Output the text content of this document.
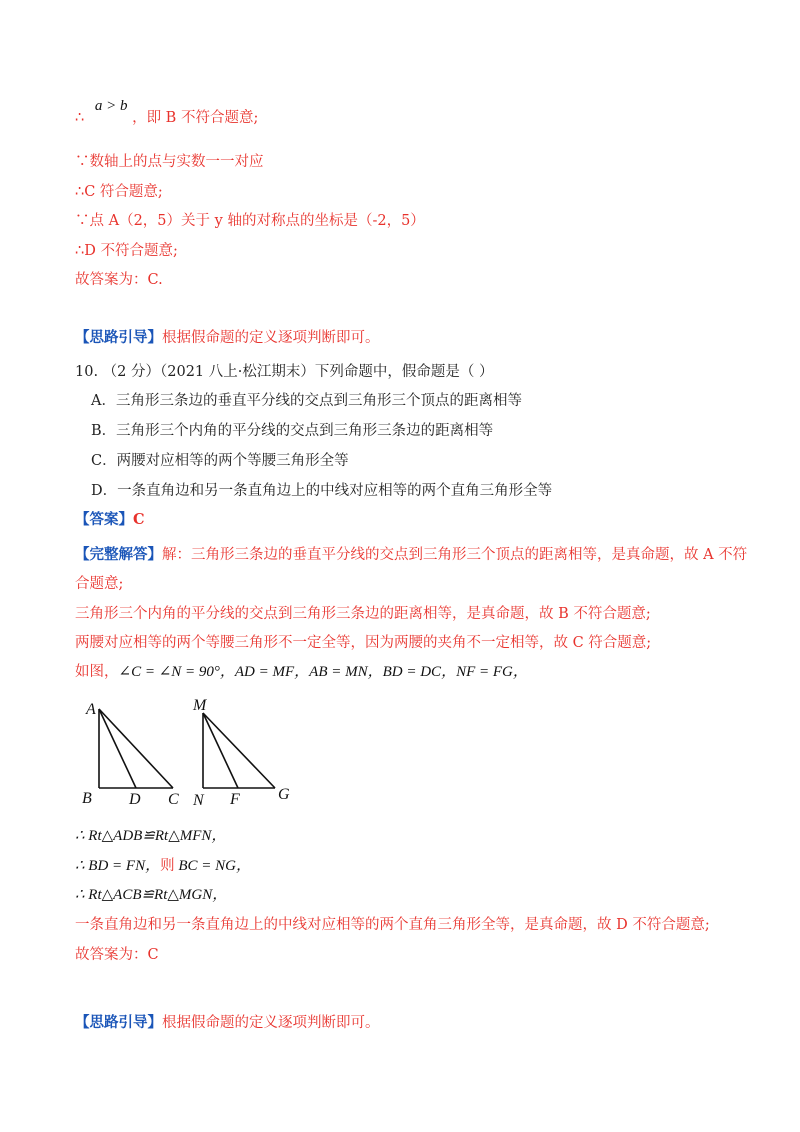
∴ a > b ，即 B 不符合题意;
∵数轴上的点与实数一一对应
∴C 符合题意;
∵点 A（2，5）关于 y 轴的对称点的坐标是（-2，5）
∴D 不符合题意;
故答案为：C.
【思路引导】根据假命题的定义逐项判断即可。
10. （2 分）（2021 八上·松江期末）下列命题中，假命题是（ ）
A．三角形三条边的垂直平分线的交点到三角形三个顶点的距离相等
B．三角形三个内角的平分线的交点到三角形三条边的距离相等
C．两腰对应相等的两个等腰三角形全等
D．一条直角边和另一条直角边上的中线对应相等的两个直角三角形全等
【答案】C
【完整解答】解：三角形三条边的垂直平分线的交点到三角形三个顶点的距离相等，是真命题，故 A 不符
合题意;
三角形三个内角的平分线的交点到三角形三条边的距离相等，是真命题，故 B 不符合题意;
两腰对应相等的两个等腰三角形不一定全等，因为两腰的夹角不一定相等，故 C 符合题意;
如图，∠C = ∠N = 90°，AD = MF，AB = MN，BD = DC，NF = FG，
A
B D C
M
N F G
∴ Rt△ADB≌Rt△MFN，
∴ BD = FN，则 BC = NG，
∴ Rt△ACB≌Rt△MGN，
一条直角边和另一条直角边上的中线对应相等的两个直角三角形全等，是真命题，故 D 不符合题意;
故答案为：C
【思路引导】根据假命题的定义逐项判断即可。
